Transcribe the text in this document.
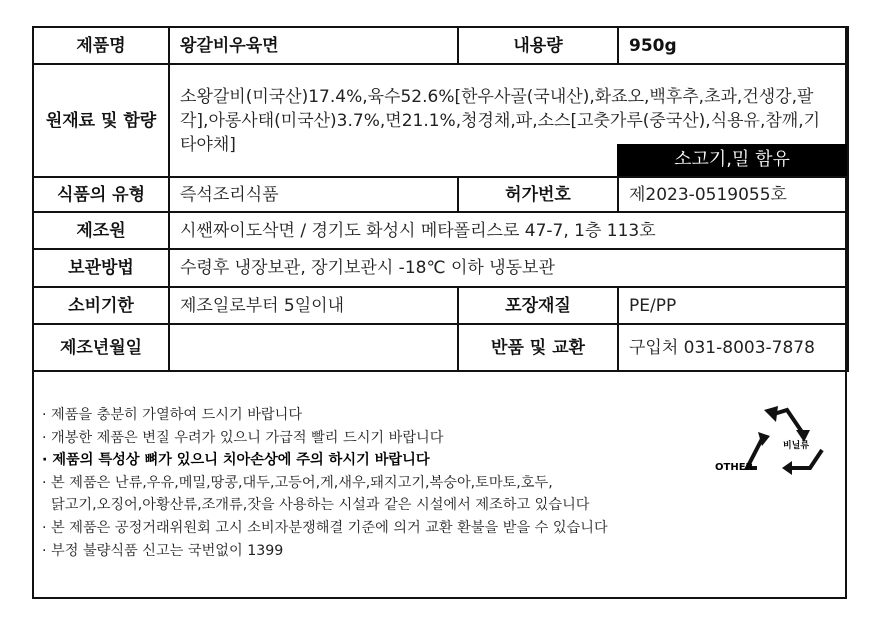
제품명	왕갈비우육면	내용량	950g
원재료 및 함량	소왕갈비(미국산)17.4%,육수52.6%[한우사골(국내산),화죠오,백후추,초과,건생강,팔각],아롱사태(미국산)3.7%,면21.1%,청경채,파,소스[고춧가루(중국산),식용유,참깨,기타야채]
소고기,밀 함유		

식품의 유형	즉석조리식품	허가번호	제2023-0519055호
제조원	시쌘짜이도삭면 / 경기도 화성시 메타폴리스로 47-7, 1층 113호		
보관방법	수령후 냉장보관, 장기보관시 -18℃ 이하 냉동보관		
소비기한	제조일로부터 5일이내	포장재질	PE/PP
제조년월일		반품 및 교환	구입처 031-8003-7878
· 제품을 충분히 가열하여 드시기 바랍니다
· 개봉한 제품은 변질 우려가 있으니 가급적 빨리 드시기 바랍니다
· 제품의 특성상 뼈가 있으니 치아손상에 주의 하시기 바랍니다
· 본 제품은 난류,우유,메밀,땅콩,대두,고등어,게,새우,돼지고기,복숭아,토마토,호두,
닭고기,오징어,아황산류,조개류,잣을 사용하는 시설과 같은 시설에서 제조하고 있습니다
· 본 제품은 공정거래위원회 고시 소비자분쟁해결 기준에 의거 교환 환불을 받을 수 있습니다
· 부정 불량식품 신고는 국번없이 1399
비닐류
OTHER
